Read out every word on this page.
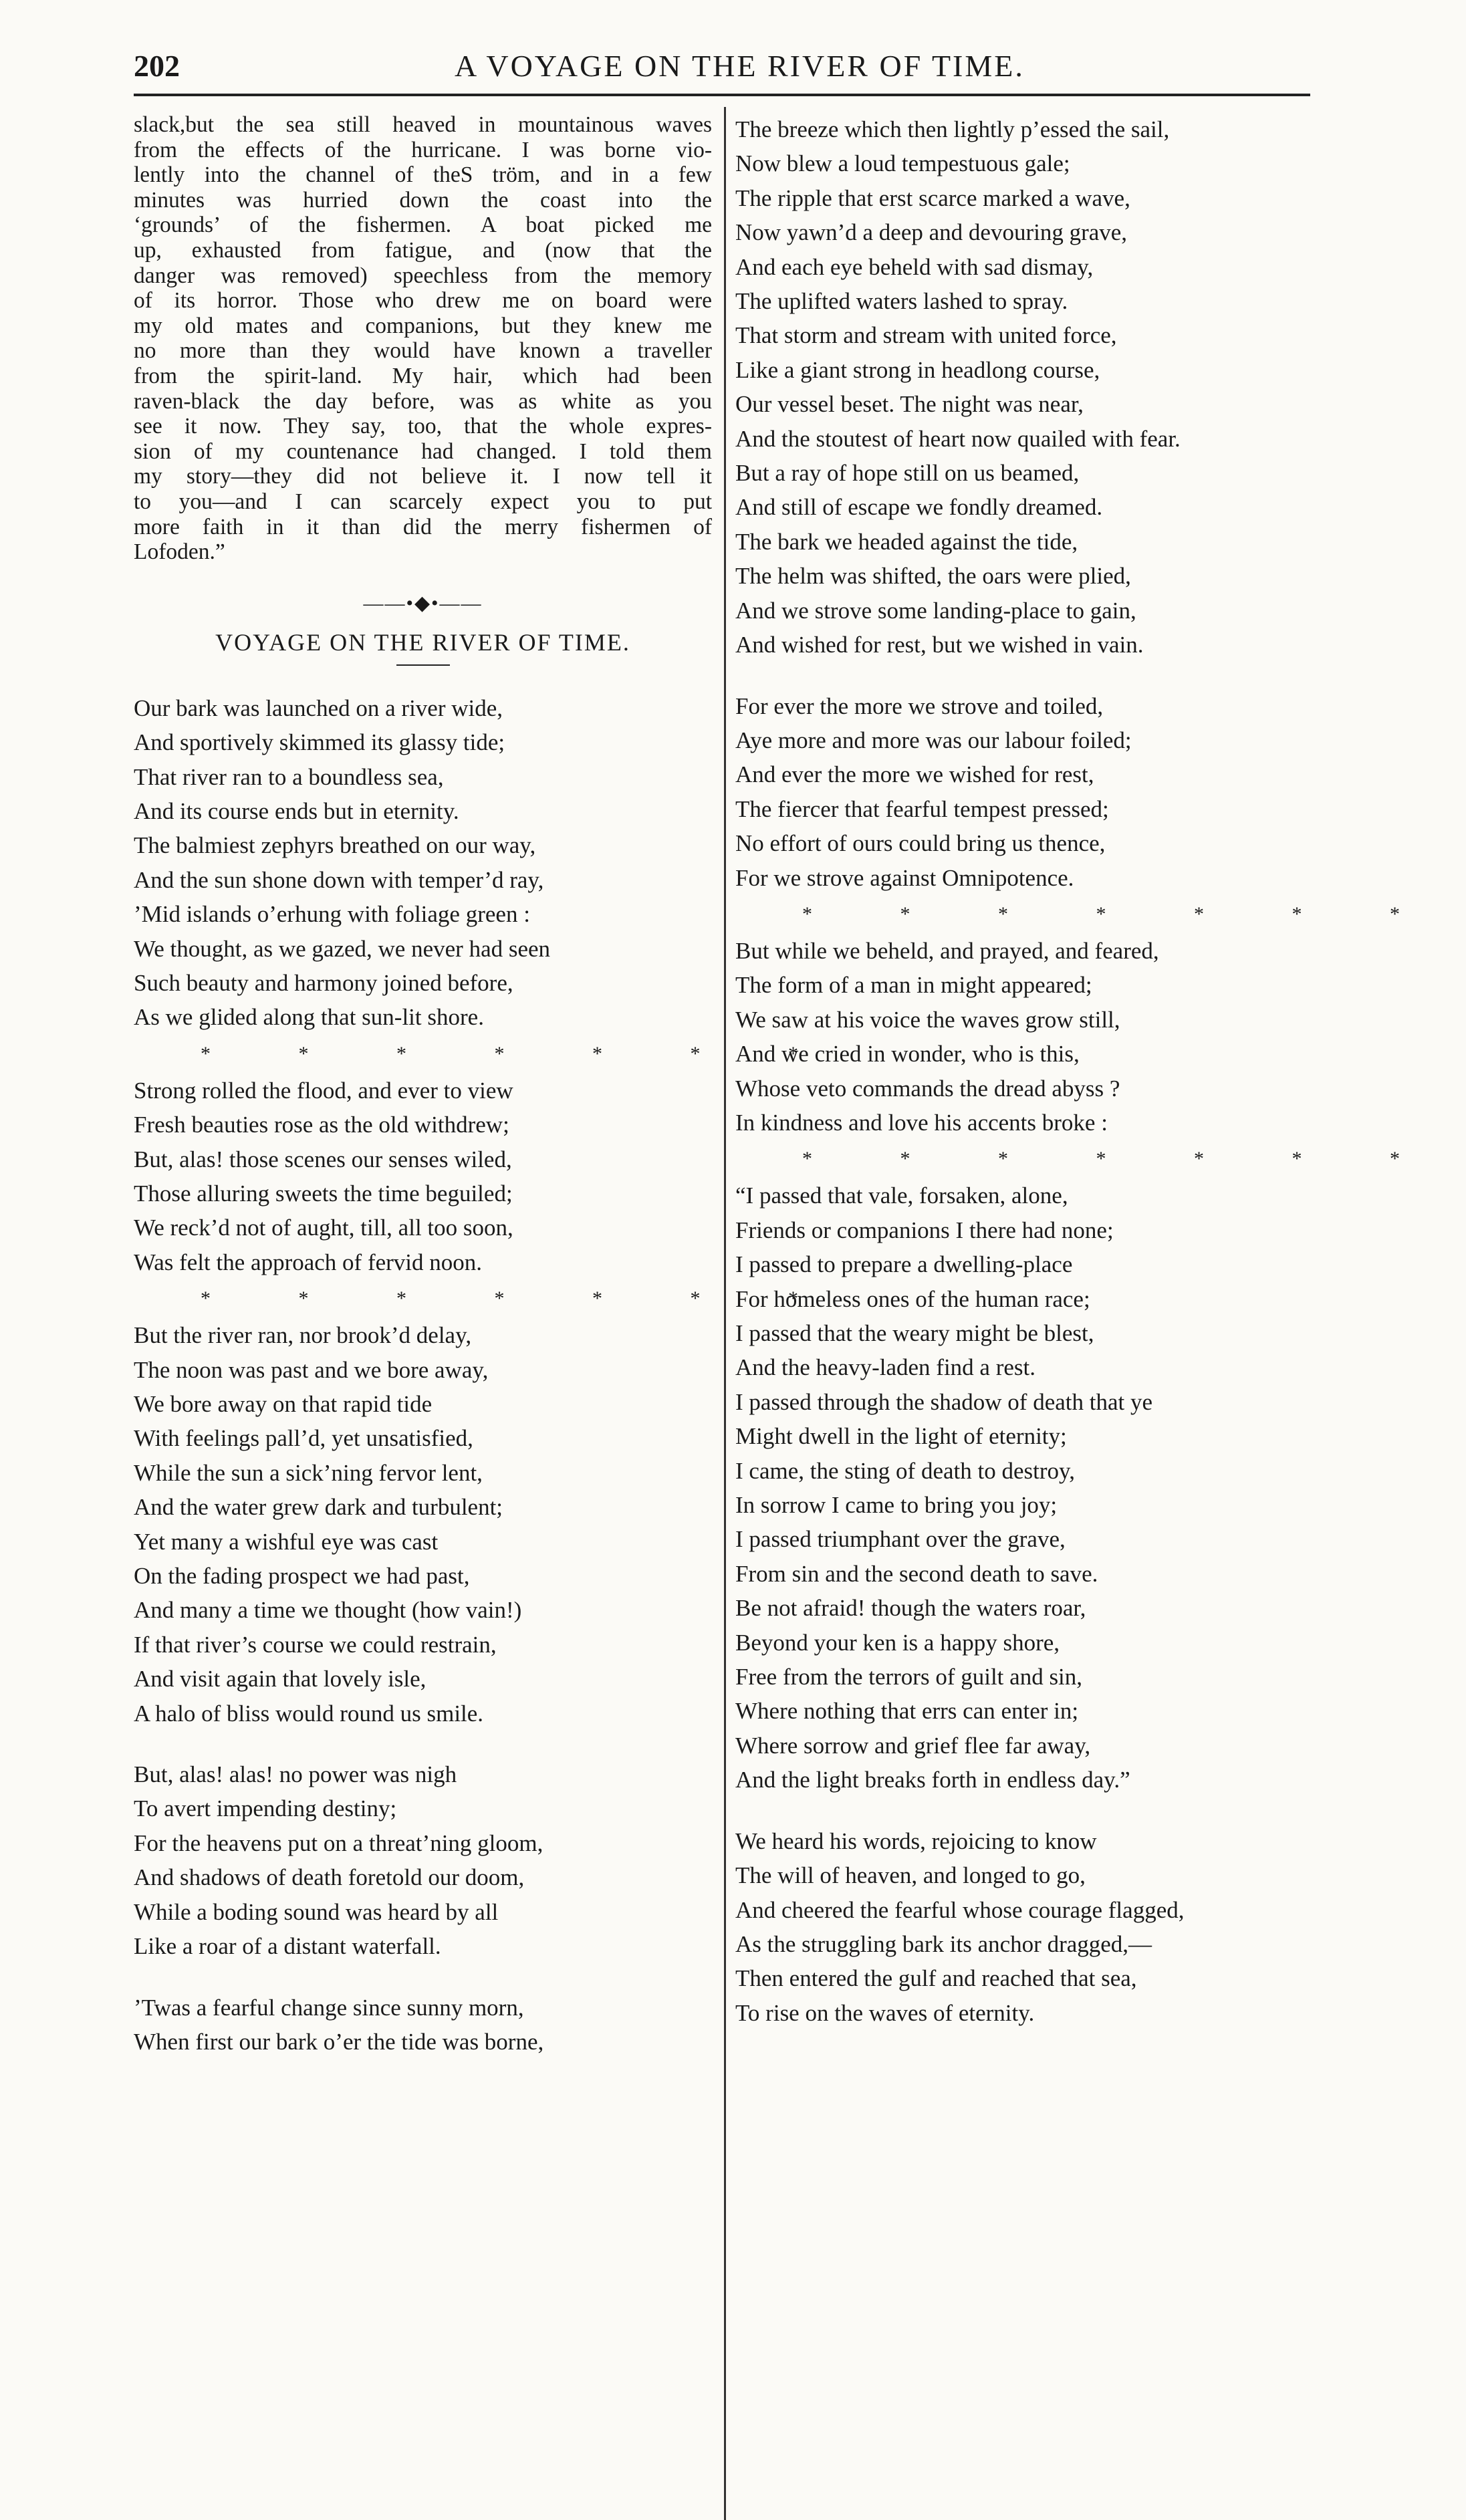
202	A VOYAGE ON THE RIVER OF TIME.
slack,but the sea still heaved in mountainous waves
from the effects of the hurricane. I was borne vio-
lently into the channel of theS tröm, and in a few
minutes was hurried down the coast into the
‘grounds’ of the fishermen. A boat picked me
up, exhausted from fatigue, and (now that the
danger was removed) speechless from the memory
of its horror. Those who drew me on board were
my old mates and companions, but they knew me
no more than they would have known a traveller
from the spirit-land. My hair, which had been
raven-black the day before, was as white as you
see it now. They say, too, that the whole expres-
sion of my countenance had changed. I told them
my story—they did not believe it. I now tell it
to you—and I can scarcely expect you to put
more faith in it than did the merry fishermen of
Lofoden.”
——•◆•——
VOYAGE ON THE RIVER OF TIME.
Our bark was launched on a river wide,
And sportively skimmed its glassy tide;
That river ran to a boundless sea,
And its course ends but in eternity.
The balmiest zephyrs breathed on our way,
And the sun shone down with temper’d ray,
’Mid islands o’erhung with foliage green :
We thought, as we gazed, we never had seen
Such beauty and harmony joined before,
As we glided along that sun-lit shore.
* * * * * * *
Strong rolled the flood, and ever to view
Fresh beauties rose as the old withdrew;
But, alas! those scenes our senses wiled,
Those alluring sweets the time beguiled;
We reck’d not of aught, till, all too soon,
Was felt the approach of fervid noon.
* * * * * * *
But the river ran, nor brook’d delay,
The noon was past and we bore away,
We bore away on that rapid tide
With feelings pall’d, yet unsatisfied,
While the sun a sick’ning fervor lent,
And the water grew dark and turbulent;
Yet many a wishful eye was cast
On the fading prospect we had past,
And many a time we thought (how vain!)
If that river’s course we could restrain,
And visit again that lovely isle,
A halo of bliss would round us smile.
But, alas! alas! no power was nigh
To avert impending destiny;
For the heavens put on a threat’ning gloom,
And shadows of death foretold our doom,
While a boding sound was heard by all
Like a roar of a distant waterfall.
’Twas a fearful change since sunny morn,
When first our bark o’er the tide was borne,
The breeze which then lightly p’essed the sail,
Now blew a loud tempestuous gale;
The ripple that erst scarce marked a wave,
Now yawn’d a deep and devouring grave,
And each eye beheld with sad dismay,
The uplifted waters lashed to spray.
That storm and stream with united force,
Like a giant strong in headlong course,
Our vessel beset. The night was near,
And the stoutest of heart now quailed with fear.
But a ray of hope still on us beamed,
And still of escape we fondly dreamed.
The bark we headed against the tide,
The helm was shifted, the oars were plied,
And we strove some landing-place to gain,
And wished for rest, but we wished in vain.
For ever the more we strove and toiled,
Aye more and more was our labour foiled;
And ever the more we wished for rest,
The fiercer that fearful tempest pressed;
No effort of ours could bring us thence,
For we strove against Omnipotence.
* * * * * * *
But while we beheld, and prayed, and feared,
The form of a man in might appeared;
We saw at his voice the waves grow still,
And we cried in wonder, who is this,
Whose veto commands the dread abyss ?
In kindness and love his accents broke :
* * * * * * *
“I passed that vale, forsaken, alone,
Friends or companions I there had none;
I passed to prepare a dwelling-place
For homeless ones of the human race;
I passed that the weary might be blest,
And the heavy-laden find a rest.
I passed through the shadow of death that ye
Might dwell in the light of eternity;
I came, the sting of death to destroy,
In sorrow I came to bring you joy;
I passed triumphant over the grave,
From sin and the second death to save.
Be not afraid! though the waters roar,
Beyond your ken is a happy shore,
Free from the terrors of guilt and sin,
Where nothing that errs can enter in;
Where sorrow and grief flee far away,
And the light breaks forth in endless day.”
We heard his words, rejoicing to know
The will of heaven, and longed to go,
And cheered the fearful whose courage flagged,
As the struggling bark its anchor dragged,—
Then entered the gulf and reached that sea,
To rise on the waves of eternity.
